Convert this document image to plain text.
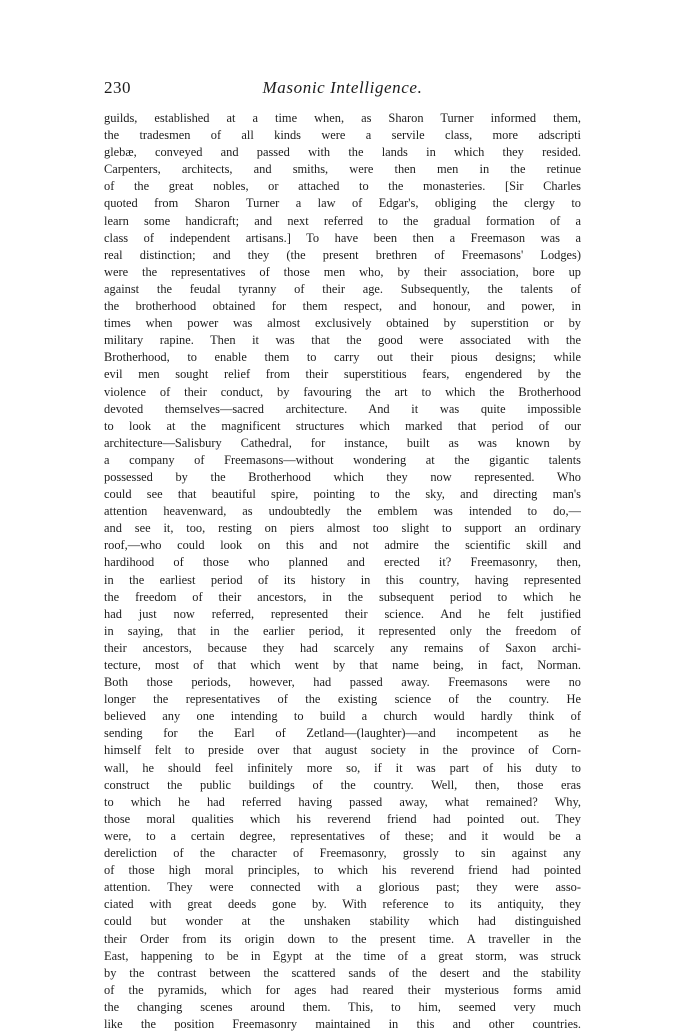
230	Masonic Intelligence.
guilds, established at a time when, as Sharon Turner informed them,
the tradesmen of all kinds were a servile class, more adscripti
glebæ, conveyed and passed with the lands in which they resided.
Carpenters, architects, and smiths, were then men in the retinue
of the great nobles, or attached to the monasteries. [Sir Charles
quoted from Sharon Turner a law of Edgar's, obliging the clergy to
learn some handicraft; and next referred to the gradual formation of a
class of independent artisans.] To have been then a Freemason was a
real distinction; and they (the present brethren of Freemasons' Lodges)
were the representatives of those men who, by their association, bore up
against the feudal tyranny of their age. Subsequently, the talents of
the brotherhood obtained for them respect, and honour, and power, in
times when power was almost exclusively obtained by superstition or by
military rapine. Then it was that the good were associated with the
Brotherhood, to enable them to carry out their pious designs; while
evil men sought relief from their superstitious fears, engendered by the
violence of their conduct, by favouring the art to which the Brotherhood
devoted themselves—sacred architecture. And it was quite impossible
to look at the magnificent structures which marked that period of our
architecture—Salisbury Cathedral, for instance, built as was known by
a company of Freemasons—without wondering at the gigantic talents
possessed by the Brotherhood which they now represented. Who
could see that beautiful spire, pointing to the sky, and directing man's
attention heavenward, as undoubtedly the emblem was intended to do,—
and see it, too, resting on piers almost too slight to support an ordinary
roof,—who could look on this and not admire the scientific skill and
hardihood of those who planned and erected it? Freemasonry, then,
in the earliest period of its history in this country, having represented
the freedom of their ancestors, in the subsequent period to which he
had just now referred, represented their science. And he felt justified
in saying, that in the earlier period, it represented only the freedom of
their ancestors, because they had scarcely any remains of Saxon archi-
tecture, most of that which went by that name being, in fact, Norman.
Both those periods, however, had passed away. Freemasons were no
longer the representatives of the existing science of the country. He
believed any one intending to build a church would hardly think of
sending for the Earl of Zetland—(laughter)—and incompetent as he
himself felt to preside over that august society in the province of Corn-
wall, he should feel infinitely more so, if it was part of his duty to
construct the public buildings of the country. Well, then, those eras
to which he had referred having passed away, what remained? Why,
those moral qualities which his reverend friend had pointed out. They
were, to a certain degree, representatives of these; and it would be a
dereliction of the character of Freemasonry, grossly to sin against any
of those high moral principles, to which his reverend friend had pointed
attention. They were connected with a glorious past; they were asso-
ciated with great deeds gone by. With reference to its antiquity, they
could but wonder at the unshaken stability which had distinguished
their Order from its origin down to the present time. A traveller in the
East, happening to be in Egypt at the time of a great storm, was struck
by the contrast between the scattered sands of the desert and the stability
of the pyramids, which for ages had reared their mysterious forms amid
the changing scenes around them. This, to him, seemed very much
like the position Freemasonry maintained in this and other countries.
